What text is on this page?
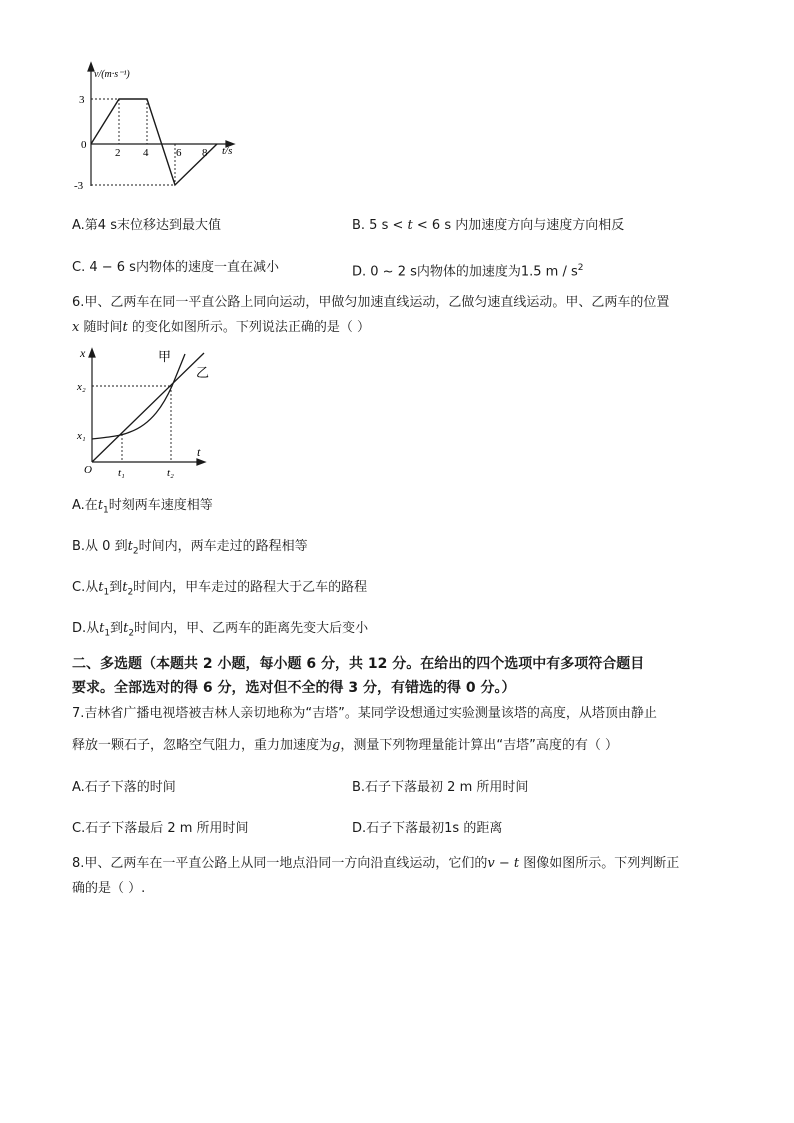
v/(m·s⁻¹)
3
-3
0
2 4	6 8 t/s
A.第4 s末位移达到最大值	B. 5 s < t < 6 s 内加速度方向与速度方向相反
C. 4 − 6 s内物体的速度一直在减小	D. 0 ~ 2 s内物体的加速度为1.5 m / $s^2$
6.甲、乙两车在同一平直公路上同向运动，甲做匀加速直线运动，乙做匀速直线运动。甲、乙两车的位置
x 随时间t 的变化如图所示。下列说法正确的是（ ）
x
t
O
x₂
x₁
t₁	t₂
甲
乙
A.在$t_1$时刻两车速度相等
B.从 0 到$t_2$时间内，两车走过的路程相等
C.从$t_1$到$t_2$时间内，甲车走过的路程大于乙车的路程
D.从$t_1$到$t_2$时间内，甲、乙两车的距离先变大后变小
二、多选题（本题共 2 小题，每小题 6 分，共 12 分。在给出的四个选项中有多项符合题目
要求。全部选对的得 6 分，选对但不全的得 3 分，有错选的得 0 分。）
7.吉林省广播电视塔被吉林人亲切地称为“吉塔”。某同学设想通过实验测量该塔的高度，从塔顶由静止
释放一颗石子，忽略空气阻力，重力加速度为g，测量下列物理量能计算出“吉塔”高度的有（ ）
A.石子下落的时间	B.石子下落最初 2 m 所用时间
C.石子下落最后 2 m 所用时间	D.石子下落最初1s 的距离
8.甲、乙两车在一平直公路上从同一地点沿同一方向沿直线运动，它们的v − t 图像如图所示。下列判断正
确的是（ ）.
